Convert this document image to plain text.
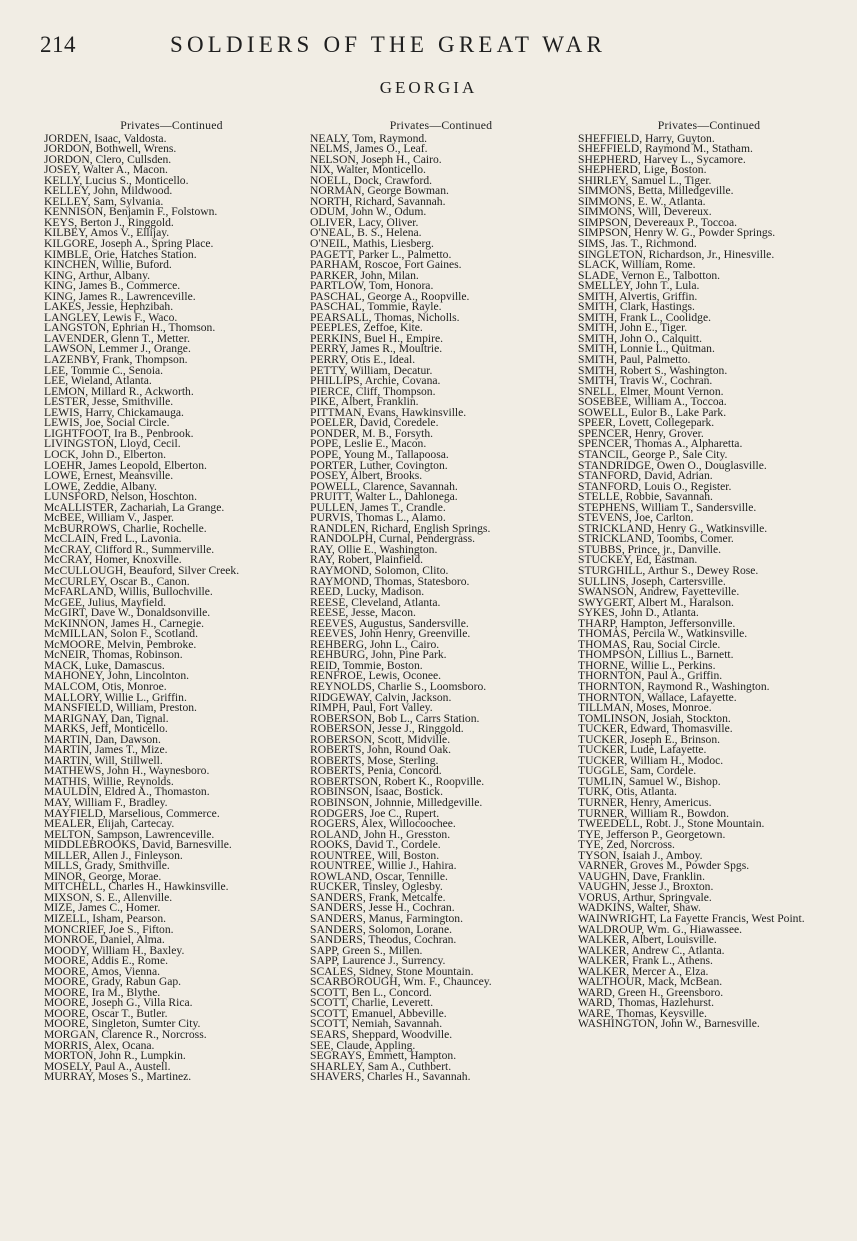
214	SOLDIERS OF THE GREAT WAR
GEORGIA
Privates—Continued
JORDEN, Isaac, Valdosta.
JORDON, Bothwell, Wrens.
JORDON, Clero, Cullsden.
JOSEY, Walter A., Macon.
KELLY, Lucius S., Monticello.
KELLEY, John, Mildwood.
KELLEY, Sam, Sylvania.
KENNISON, Benjamin F., Folstown.
KEYS, Berton J., Ringgold.
KILBEY, Amos V., Ellijay.
KILGORE, Joseph A., Spring Place.
KIMBLE, Orie, Hatches Station.
KINCHEN, Willie, Buford.
KING, Arthur, Albany.
KING, James B., Commerce.
KING, James R., Lawrenceville.
LAKES, Jessie, Hephzibah.
LANGLEY, Lewis F., Waco.
LANGSTON, Ephrian H., Thomson.
LAVENDER, Glenn T., Metter.
LAWSON, Lemmer J., Orange.
LAZENBY, Frank, Thompson.
LEE, Tommie C., Senoia.
LEE, Wieland, Atlanta.
LEMON, Millard R., Ackworth.
LESTER, Jesse, Smithville.
LEWIS, Harry, Chickamauga.
LEWIS, Joe, Social Circle.
LIGHTFOOT, Ira B., Penbrook.
LIVINGSTON, Lloyd, Cecil.
LOCK, John D., Elberton.
LOEHR, James Leopold, Elberton.
LOWE, Ernest, Meansville.
LOWE, Zeddie, Albany.
LUNSFORD, Nelson, Hoschton.
McALLISTER, Zachariah, La Grange.
McBEE, William V., Jasper.
McBURROWS, Charlie, Rochelle.
McCLAIN, Fred L., Lavonia.
McCRAY, Clifford R., Summerville.
McCRAY, Homer, Knoxville.
McCULLOUGH, Beauford, Silver Creek.
McCURLEY, Oscar B., Canon.
McFARLAND, Willis, Bullochville.
McGEE, Julius, Mayfield.
McGIRT, Dave W., Donaldsonville.
McKINNON, James H., Carnegie.
McMILLAN, Solon F., Scotland.
McMOORE, Melvin, Pembroke.
McNEIR, Thomas, Robinson.
MACK, Luke, Damascus.
MAHONEY, John, Lincolnton.
MALCOM, Otis, Monroe.
MALLORY, Willie L., Griffin.
MANSFIELD, William, Preston.
MARIGNAY, Dan, Tignal.
MARKS, Jeff, Monticello.
MARTIN, Dan, Dawson.
MARTIN, James T., Mize.
MARTIN, Will, Stillwell.
MATHEWS, John H., Waynesboro.
MATHIS, Willie, Reynolds.
MAULDIN, Eldred A., Thomaston.
MAY, William F., Bradley.
MAYFIELD, Marselious, Commerce.
MEALER, Elijah, Cartecay.
MELTON, Sampson, Lawrenceville.
MIDDLEBROOKS, David, Barnesville.
MILLER, Allen J., Finleyson.
MILLS, Grady, Smithville.
MINOR, George, Morae.
MITCHELL, Charles H., Hawkinsville.
MIXSON, S. E., Allenville.
MIZE, James C., Homer.
MIZELL, Isham, Pearson.
MONCRIEF, Joe S., Fifton.
MONROE, Daniel, Alma.
MOODY, William H., Baxley.
MOORE, Addis E., Rome.
MOORE, Amos, Vienna.
MOORE, Grady, Rabun Gap.
MOORE, Ira M., Blythe.
MOORE, Joseph G., Villa Rica.
MOORE, Oscar T., Butler.
MOORE, Singleton, Sumter City.
MORGAN, Clarence R., Norcross.
MORRIS, Alex, Ocana.
MORTON, John R., Lumpkin.
MOSELY, Paul A., Austell.
MURRAY, Moses S., Martinez.
Privates—Continued
NEALY, Tom, Raymond.
NELMS, James O., Leaf.
NELSON, Joseph H., Cairo.
NIX, Walter, Monticello.
NOELL, Dock, Crawford.
NORMAN, George Bowman.
NORTH, Richard, Savannah.
ODUM, John W., Odum.
OLIVER, Lacy, Oliver.
O'NEAL, B. S., Helena.
O'NEIL, Mathis, Liesberg.
PAGETT, Parker L., Palmetto.
PARHAM, Roscoe, Fort Gaines.
PARKER, John, Milan.
PARTLOW, Tom, Honora.
PASCHAL, George A., Roopville.
PASCHAL, Tommie, Rayle.
PEARSALL, Thomas, Nicholls.
PEEPLES, Zeffoe, Kite.
PERKINS, Buel H., Empire.
PERRY, James R., Moultrie.
PERRY, Otis E., Ideal.
PETTY, William, Decatur.
PHILLIPS, Archie, Covana.
PIERCE, Cliff, Thompson.
PIKE, Albert, Franklin.
PITTMAN, Evans, Hawkinsville.
POELER, David, Coredele.
PONDER, M. B., Forsyth.
POPE, Leslie E., Macon.
POPE, Young M., Tallapoosa.
PORTER, Luther, Covington.
POSEY, Albert, Brooks.
POWELL, Clarence, Savannah.
PRUITT, Walter L., Dahlonega.
PULLEN, James T., Crandle.
PURVIS, Thomas L., Alamo.
RANDLEN, Richard, English Springs.
RANDOLPH, Curnal, Pendergrass.
RAY, Ollie E., Washington.
RAY, Robert, Plainfield.
RAYMOND, Solomon, Clito.
RAYMOND, Thomas, Statesboro.
REED, Lucky, Madison.
REESE, Cleveland, Atlanta.
REESE, Jesse, Macon.
REEVES, Augustus, Sandersville.
REEVES, John Henry, Greenville.
REHBERG, John L., Cairo.
REHBURG, John, Pine Park.
REID, Tommie, Boston.
RENFROE, Lewis, Oconee.
REYNOLDS, Charlie S., Loomsboro.
RIDGEWAY, Calvin, Jackson.
RIMPH, Paul, Fort Valley.
ROBERSON, Bob L., Carrs Station.
ROBERSON, Jesse J., Ringgold.
ROBERSON, Scott, Midville.
ROBERTS, John, Round Oak.
ROBERTS, Mose, Sterling.
ROBERTS, Penia, Concord.
ROBERTSON, Robert K., Roopville.
ROBINSON, Isaac, Bostick.
ROBINSON, Johnnie, Milledgeville.
RODGERS, Joe C., Rupert.
ROGERS, Alex, Willocoochee.
ROLAND, John H., Gresston.
ROOKS, David T., Cordele.
ROUNTREE, Will, Boston.
ROUNTREE, Willie J., Hahira.
ROWLAND, Oscar, Tennille.
RUCKER, Tinsley, Oglesby.
SANDERS, Frank, Metcalfe.
SANDERS, Jesse H., Cochran.
SANDERS, Manus, Farmington.
SANDERS, Solomon, Lorane.
SANDERS, Theodus, Cochran.
SAPP, Green S., Millen.
SAPP, Laurence J., Surrency.
SCALES, Sidney, Stone Mountain.
SCARBOROUGH, Wm. F., Chauncey.
SCOTT, Ben L., Concord.
SCOTT, Charlie, Leverett.
SCOTT, Emanuel, Abbeville.
SCOTT, Nemiah, Savannah.
SEARS, Sheppard, Woodville.
SEE, Claude, Appling.
SEGRAYS, Emmett, Hampton.
SHARLEY, Sam A., Cuthbert.
SHAVERS, Charles H., Savannah.
Privates—Continued
SHEFFIELD, Harry, Guyton.
SHEFFIELD, Raymond M., Statham.
SHEPHERD, Harvey L., Sycamore.
SHEPHERD, Lige, Boston.
SHIRLEY, Samuel L., Tiger.
SIMMONS, Betta, Milledgeville.
SIMMONS, E. W., Atlanta.
SIMMONS, Will, Devereux.
SIMPSON, Devereaux P., Toccoa.
SIMPSON, Henry W. G., Powder Springs.
SIMS, Jas. T., Richmond.
SINGLETON, Richardson, Jr., Hinesville.
SLACK, William, Rome.
SLADE, Vernon E., Talbotton.
SMELLEY, John T., Lula.
SMITH, Alvertis, Griffin.
SMITH, Clark, Hastings.
SMITH, Frank L., Coolidge.
SMITH, John E., Tiger.
SMITH, John O., Calquitt.
SMITH, Lonnie L., Quitman.
SMITH, Paul, Palmetto.
SMITH, Robert S., Washington.
SMITH, Travis W., Cochran.
SNELL, Elmer, Mount Vernon.
SOSEBEE, William A., Toccoa.
SOWELL, Eulor B., Lake Park.
SPEER, Lovett, Collegepark.
SPENCER, Henry, Grover.
SPENCER, Thomas A., Alpharetta.
STANCIL, George P., Sale City.
STANDRIDGE, Owen O., Douglasville.
STANFORD, David, Adrian.
STANFORD, Louis O., Register.
STELLE, Robbie, Savannah.
STEPHENS, William T., Sandersville.
STEVENS, Joe, Carlton.
STRICKLAND, Henry G., Watkinsville.
STRICKLAND, Toombs, Comer.
STUBBS, Prince, jr., Danville.
STUCKEY, Ed, Eastman.
STURGHILL, Arthur S., Dewey Rose.
SULLINS, Joseph, Cartersville.
SWANSON, Andrew, Fayetteville.
SWYGERT, Albert M., Haralson.
SYKES, John D., Atlanta.
THARP, Hampton, Jeffersonville.
THOMAS, Percila W., Watkinsville.
THOMAS, Rau, Social Circle.
THOMPSON, Lillius L., Barnett.
THORNE, Willie L., Perkins.
THORNTON, Paul A., Griffin.
THORNTON, Raymond R., Washington.
THORNTON, Wallace, Lafayette.
TILLMAN, Moses, Monroe.
TOMLINSON, Josiah, Stockton.
TUCKER, Edward, Thomasville.
TUCKER, Joseph E., Brinson.
TUCKER, Lude, Lafayette.
TUCKER, William H., Modoc.
TUGGLE, Sam, Cordele.
TUMLIN, Samuel W., Bishop.
TURK, Otis, Atlanta.
TURNER, Henry, Americus.
TURNER, William R., Bowdon.
TWEEDELL, Robt. J., Stone Mountain.
TYE, Jefferson P., Georgetown.
TYE, Zed, Norcross.
TYSON, Isaiah J., Amboy.
VARNER, Groves M., Powder Spgs.
VAUGHN, Dave, Franklin.
VAUGHN, Jesse J., Broxton.
VORUS, Arthur, Springvale.
WADKINS, Walter, Shaw.
WAINWRIGHT, La Fayette Francis, West Point.
WALDROUP, Wm. G., Hiawassee.
WALKER, Albert, Louisville.
WALKER, Andrew C., Atlanta.
WALKER, Frank L., Athens.
WALKER, Mercer A., Elza.
WALTHOUR, Mack, McBean.
WARD, Green H., Greensboro.
WARD, Thomas, Hazlehurst.
WARE, Thomas, Keysville.
WASHINGTON, John W., Barnesville.
